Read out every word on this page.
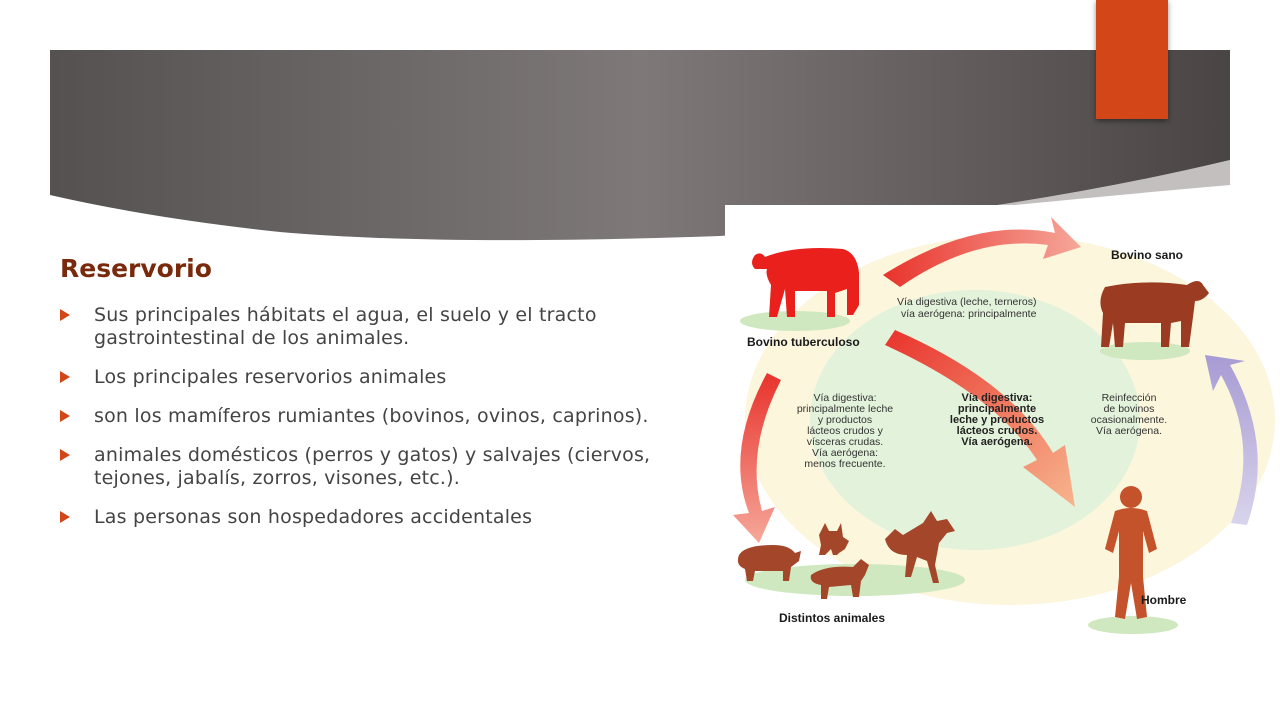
Reservorio
Sus principales hábitats el agua, el suelo y el tracto gastrointestinal de los animales.
Los principales reservorios animales
son los mamíferos rumiantes (bovinos, ovinos, caprinos).
animales domésticos (perros y gatos) y salvajes (ciervos, tejones, jabalís, zorros, visones, etc.).
Las personas son hospedadores accidentales
Bovino tuberculoso
Bovino sano
Hombre
Distintos animales
Vía digestiva (leche, terneros)
vía aerógena: principalmente
Vía digestiva:
principalmente leche
y productos
lácteos crudos y
vísceras crudas.
Vía aerógena:
menos frecuente.
Vía digestiva:
principalmente
leche y productos
lácteos crudos.
Vía aerógena.
Reinfección
de bovinos
ocasionalmente.
Vía aerógena.
